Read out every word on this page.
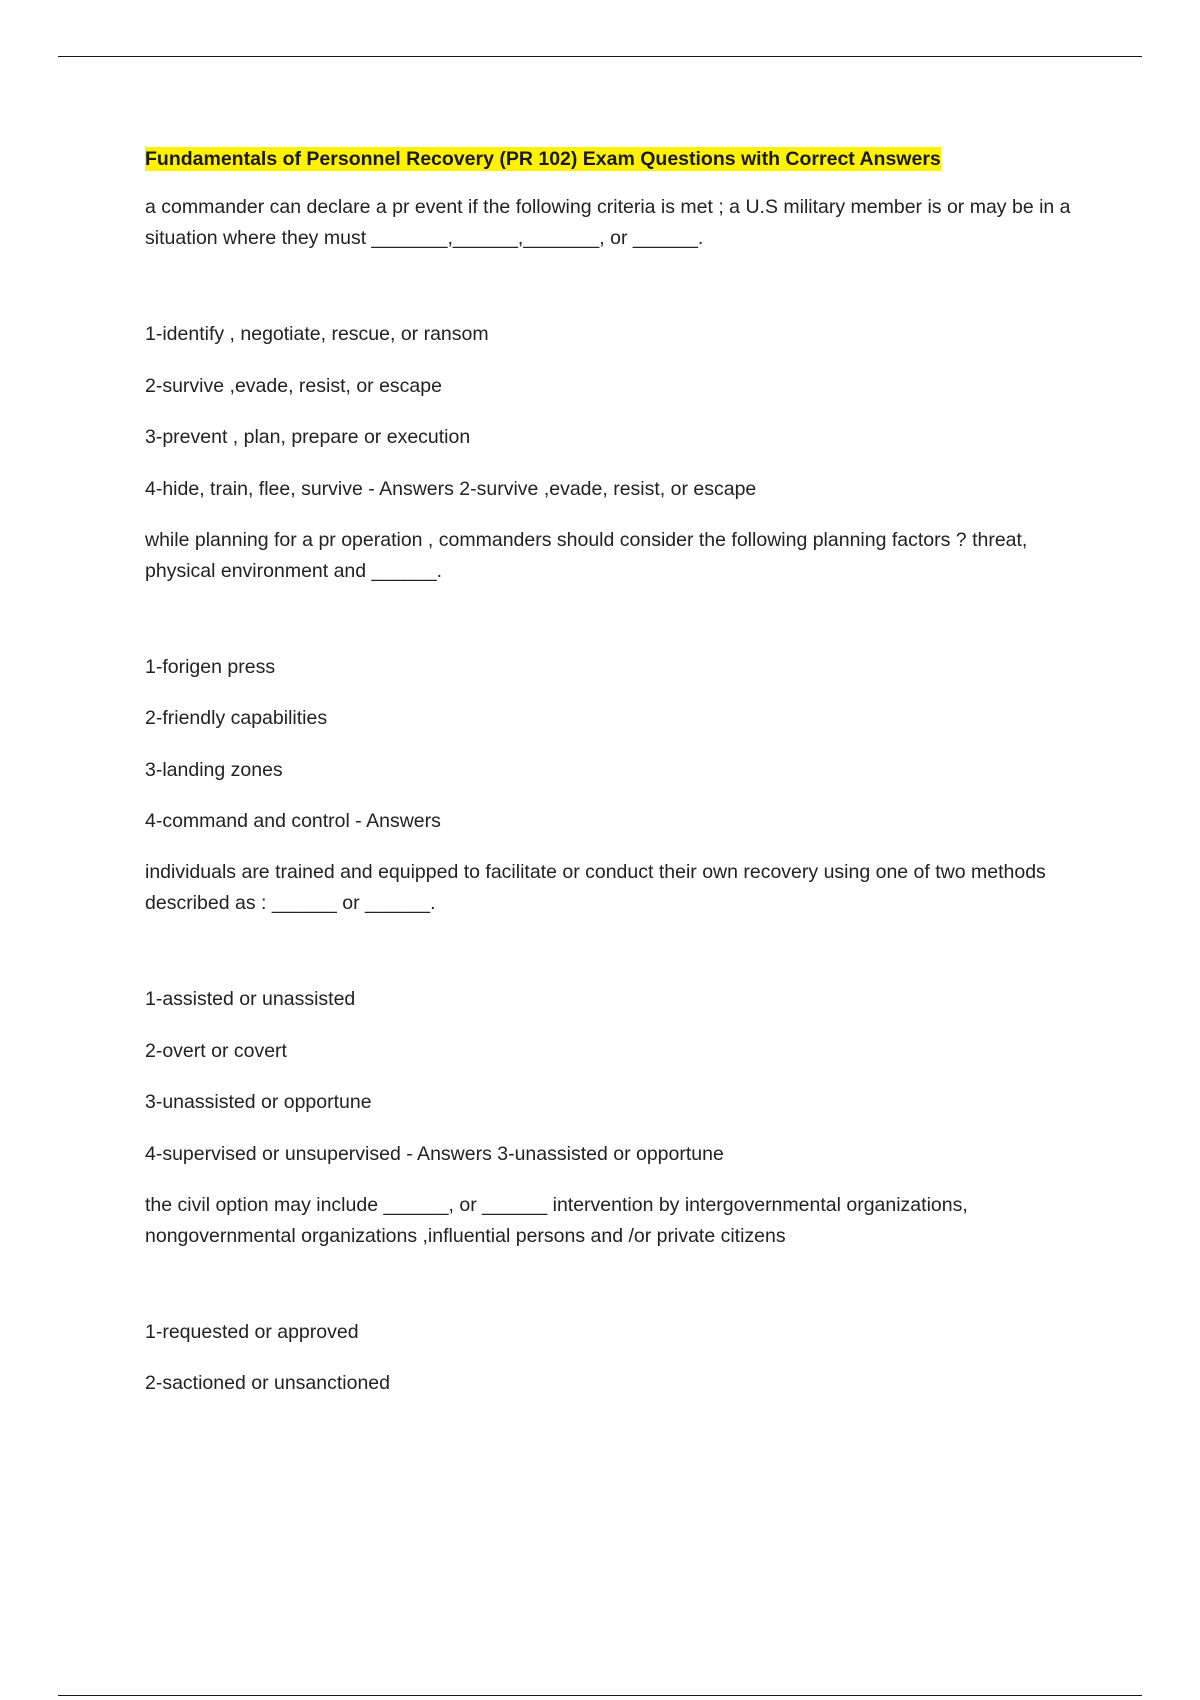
Fundamentals of Personnel Recovery (PR 102) Exam Questions with Correct Answers

a commander can declare a pr event if the following criteria is met ; a U.S military member is or may be in a situation where they must _______,______,_______, or ______.

1-identify , negotiate, rescue, or ransom

2-survive ,evade, resist, or escape

3-prevent , plan, prepare or execution

4-hide, train, flee, survive - Answers 2-survive ,evade, resist, or escape

while planning for a pr operation , commanders should consider the following planning factors ? threat, physical environment and ______.

1-forigen press

2-friendly capabilities

3-landing zones

4-command and control - Answers

individuals are trained and equipped to facilitate or conduct their own recovery using one of two methods described as : ______ or ______.

1-assisted or unassisted

2-overt or covert

3-unassisted or opportune

4-supervised or unsupervised - Answers 3-unassisted or opportune

the civil option may include ______, or ______ intervention by intergovernmental organizations, nongovernmental organizations ,influential persons and /or private citizens

1-requested or approved

2-sactioned or unsanctioned
